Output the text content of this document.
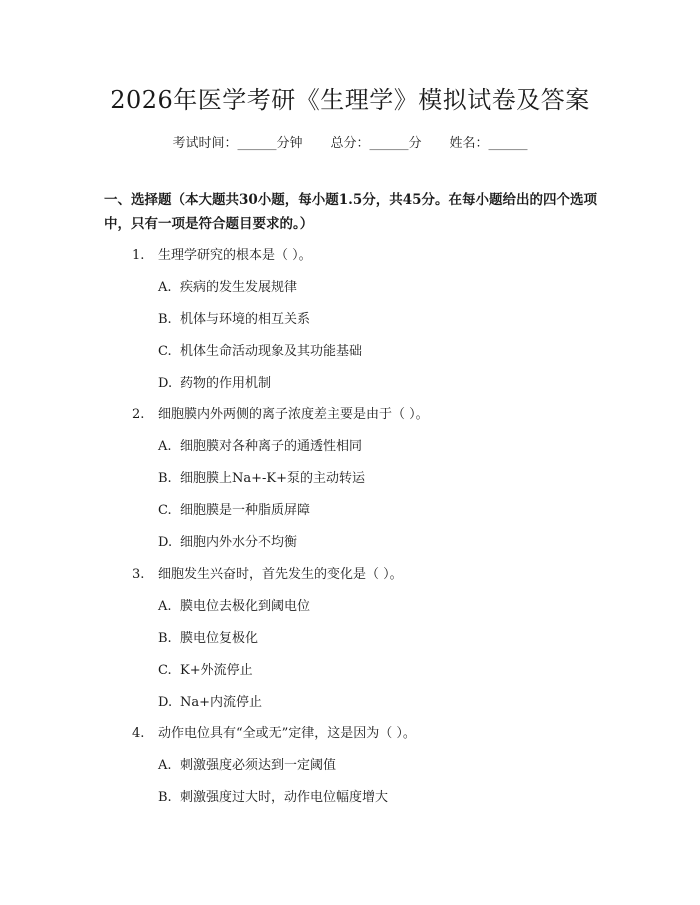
2026年医学考研《生理学》模拟试卷及答案
考试时间：______分钟 总分：______分 姓名：______
一、选择题（本大题共30小题，每小题1.5分，共45分。在每小题给出的四个选项中，只有一项是符合题目要求的。）
1. 生理学研究的根本是（ ）。
A. 疾病的发生发展规律
B. 机体与环境的相互关系
C. 机体生命活动现象及其功能基础
D. 药物的作用机制
2. 细胞膜内外两侧的离子浓度差主要是由于（ ）。
A. 细胞膜对各种离子的通透性相同
B. 细胞膜上Na+-K+泵的主动转运
C. 细胞膜是一种脂质屏障
D. 细胞内外水分不均衡
3. 细胞发生兴奋时，首先发生的变化是（ ）。
A. 膜电位去极化到阈电位
B. 膜电位复极化
C. K+外流停止
D. Na+内流停止
4. 动作电位具有“全或无”定律，这是因为（ ）。
A. 刺激强度必须达到一定阈值
B. 刺激强度过大时，动作电位幅度增大
